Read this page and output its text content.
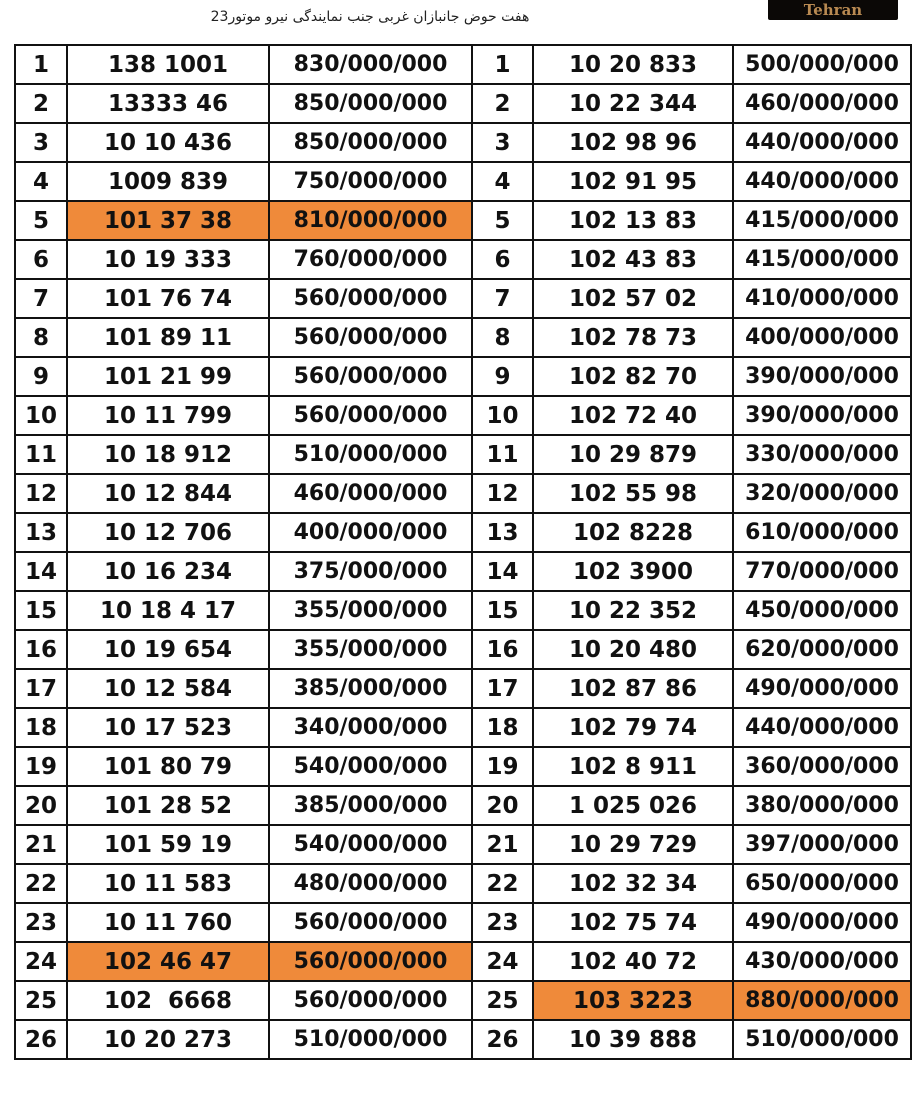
هفت حوض جانبازان غربی جنب نمایندگی نیرو موتور23	Tehran
1	138 1001	830/000/000	1	10 20 833	500/000/000
2	13333 46	850/000/000	2	10 22 344	460/000/000
3	10 10 436	850/000/000	3	102 98 96	440/000/000
4	1009 839	750/000/000	4	102 91 95	440/000/000
5	101 37 38	810/000/000	5	102 13 83	415/000/000
6	10 19 333	760/000/000	6	102 43 83	415/000/000
7	101 76 74	560/000/000	7	102 57 02	410/000/000
8	101 89 11	560/000/000	8	102 78 73	400/000/000
9	101 21 99	560/000/000	9	102 82 70	390/000/000
10	10 11 799	560/000/000	10	102 72 40	390/000/000
11	10 18 912	510/000/000	11	10 29 879	330/000/000
12	10 12 844	460/000/000	12	102 55 98	320/000/000
13	10 12 706	400/000/000	13	102 8228	610/000/000
14	10 16 234	375/000/000	14	102 3900	770/000/000
15	10 18 4 17	355/000/000	15	10 22 352	450/000/000
16	10 19 654	355/000/000	16	10 20 480	620/000/000
17	10 12 584	385/000/000	17	102 87 86	490/000/000
18	10 17 523	340/000/000	18	102 79 74	440/000/000
19	101 80 79	540/000/000	19	102 8 911	360/000/000
20	101 28 52	385/000/000	20	1 025 026	380/000/000
21	101 59 19	540/000/000	21	10 29 729	397/000/000
22	10 11 583	480/000/000	22	102 32 34	650/000/000
23	10 11 760	560/000/000	23	102 75 74	490/000/000
24	102 46 47	560/000/000	24	102 40 72	430/000/000
25	102  6668	560/000/000	25	103 3223	880/000/000
26	10 20 273	510/000/000	26	10 39 888	510/000/000
